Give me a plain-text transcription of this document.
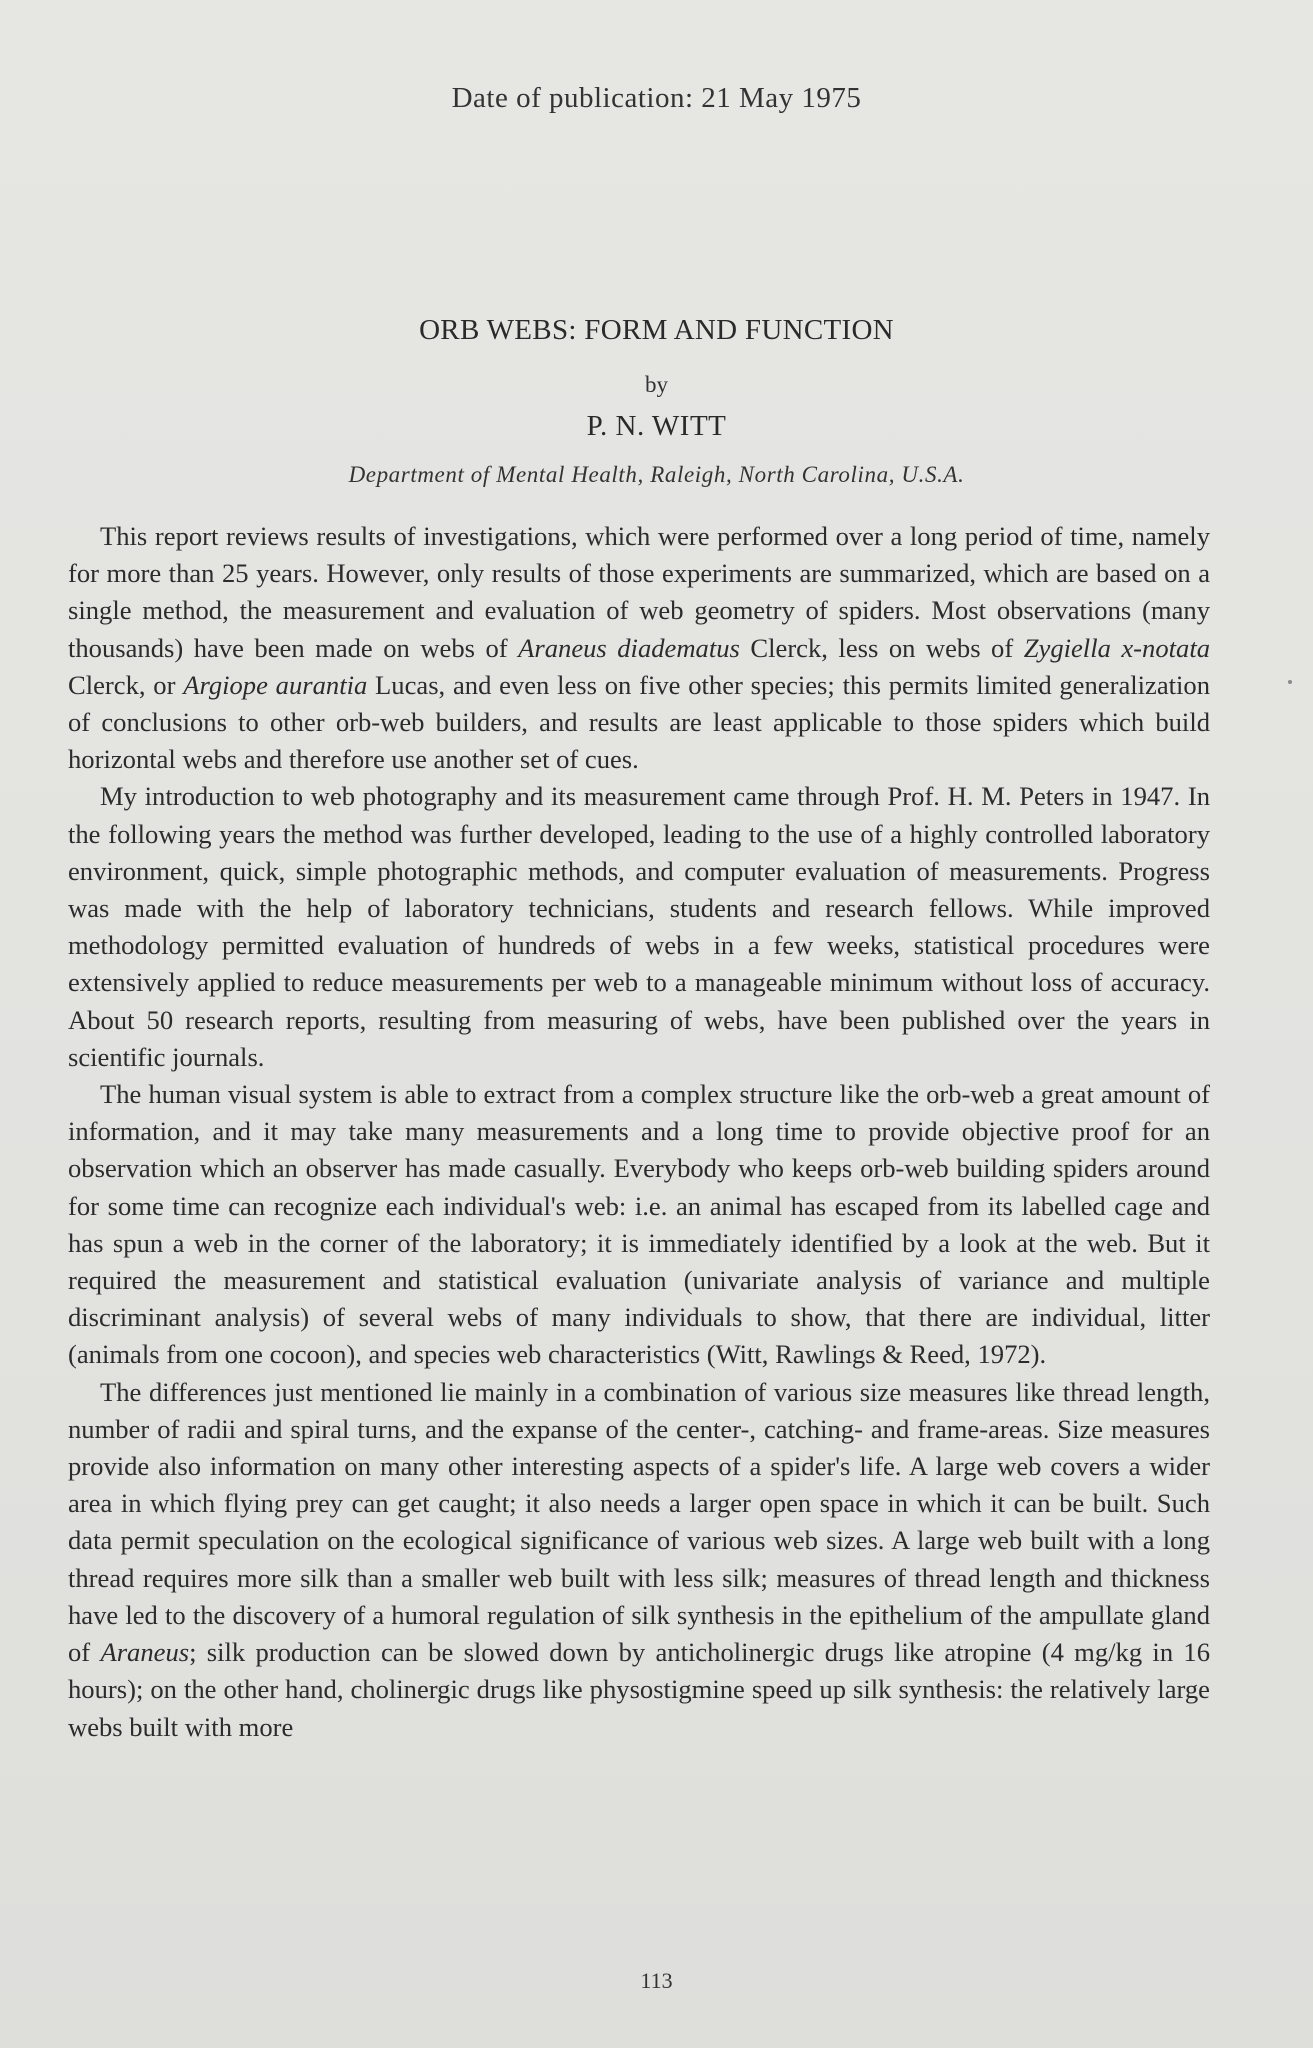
Date of publication: 21 May 1975
ORB WEBS: FORM AND FUNCTION
by
P. N. WITT
Department of Mental Health, Raleigh, North Carolina, U.S.A.

This report reviews results of investigations, which were performed over a long period of time, namely for more than 25 years. However, only results of those experiments are summarized, which are based on a single method, the measurement and evaluation of web geometry of spiders. Most observations (many thousands) have been made on webs of Araneus diadematus Clerck, less on webs of Zygiella x-notata Clerck, or Argiope aurantia Lucas, and even less on five other species; this permits limited generalization of conclusions to other orb-web builders, and results are least applicable to those spiders which build horizontal webs and therefore use another set of cues.

My introduction to web photography and its measurement came through Prof. H. M. Peters in 1947. In the following years the method was further developed, leading to the use of a highly controlled laboratory environment, quick, simple photographic methods, and computer evaluation of measurements. Progress was made with the help of laboratory technicians, students and research fellows. While improved methodology permitted evaluation of hundreds of webs in a few weeks, statistical procedures were extensively applied to reduce measurements per web to a manageable minimum without loss of accuracy. About 50 research reports, resulting from measuring of webs, have been published over the years in scientific journals.

The human visual system is able to extract from a complex structure like the orb-web a great amount of information, and it may take many measurements and a long time to provide objective proof for an observation which an observer has made casually. Everybody who keeps orb-web building spiders around for some time can recognize each individual's web: i.e. an animal has escaped from its labelled cage and has spun a web in the corner of the laboratory; it is immediately identified by a look at the web. But it required the measurement and statistical evaluation (univariate analysis of variance and multiple discriminant analysis) of several webs of many individuals to show, that there are individual, litter (animals from one cocoon), and species web characteristics (Witt, Rawlings & Reed, 1972).

The differences just mentioned lie mainly in a combination of various size measures like thread length, number of radii and spiral turns, and the expanse of the center-, catching- and frame-areas. Size measures provide also information on many other interesting aspects of a spider's life. A large web covers a wider area in which flying prey can get caught; it also needs a larger open space in which it can be built. Such data permit speculation on the ecological significance of various web sizes. A large web built with a long thread requires more silk than a smaller web built with less silk; measures of thread length and thickness have led to the discovery of a humoral regulation of silk synthesis in the epithelium of the ampullate gland of Araneus; silk production can be slowed down by anticholinergic drugs like atropine (4 mg/kg in 16 hours); on the other hand, cholinergic drugs like physostigmine speed up silk synthesis: the relatively large webs built with more

113
